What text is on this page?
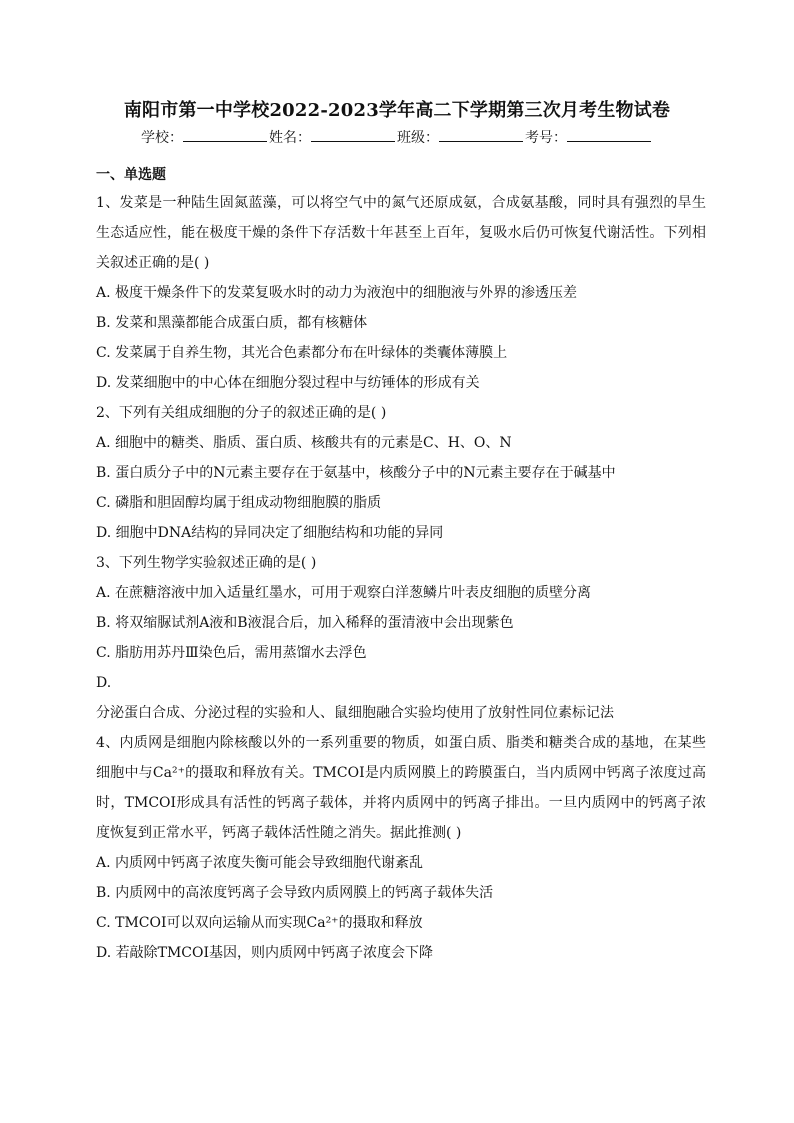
南阳市第一中学校2022-2023学年高二下学期第三次月考生物试卷
学校：	姓名：	班级：	考号：
一、单选题
1、发菜是一种陆生固氮蓝藻，可以将空气中的氮气还原成氨，合成氨基酸，同时具有强烈的旱生生态适应性，能在极度干燥的条件下存活数十年甚至上百年，复吸水后仍可恢复代谢活性。下列相关叙述正确的是( )
A. 极度干燥条件下的发菜复吸水时的动力为液泡中的细胞液与外界的渗透压差
B. 发菜和黑藻都能合成蛋白质，都有核糖体
C. 发菜属于自养生物，其光合色素都分布在叶绿体的类囊体薄膜上
D. 发菜细胞中的中心体在细胞分裂过程中与纺锤体的形成有关
2、下列有关组成细胞的分子的叙述正确的是( )
A. 细胞中的糖类、脂质、蛋白质、核酸共有的元素是C、H、O、N
B. 蛋白质分子中的N元素主要存在于氨基中，核酸分子中的N元素主要存在于碱基中
C. 磷脂和胆固醇均属于组成动物细胞膜的脂质
D. 细胞中DNA结构的异同决定了细胞结构和功能的异同
3、下列生物学实验叙述正确的是( )
A. 在蔗糖溶液中加入适量红墨水，可用于观察白洋葱鳞片叶表皮细胞的质壁分离
B. 将双缩脲试剂A液和B液混合后，加入稀释的蛋清液中会出现紫色
C. 脂肪用苏丹Ⅲ染色后，需用蒸馏水去浮色
D.
分泌蛋白合成、分泌过程的实验和人、鼠细胞融合实验均使用了放射性同位素标记法
4、内质网是细胞内除核酸以外的一系列重要的物质，如蛋白质、脂类和糖类合成的基地，在某些细胞中与Ca²⁺的摄取和释放有关。TMCOI是内质网膜上的跨膜蛋白，当内质网中钙离子浓度过高时，TMCOI形成具有活性的钙离子载体，并将内质网中的钙离子排出。一旦内质网中的钙离子浓度恢复到正常水平，钙离子载体活性随之消失。据此推测( )
A. 内质网中钙离子浓度失衡可能会导致细胞代谢紊乱
B. 内质网中的高浓度钙离子会导致内质网膜上的钙离子载体失活
C. TMCOI可以双向运输从而实现Ca²⁺的摄取和释放
D. 若敲除TMCOI基因，则内质网中钙离子浓度会下降
